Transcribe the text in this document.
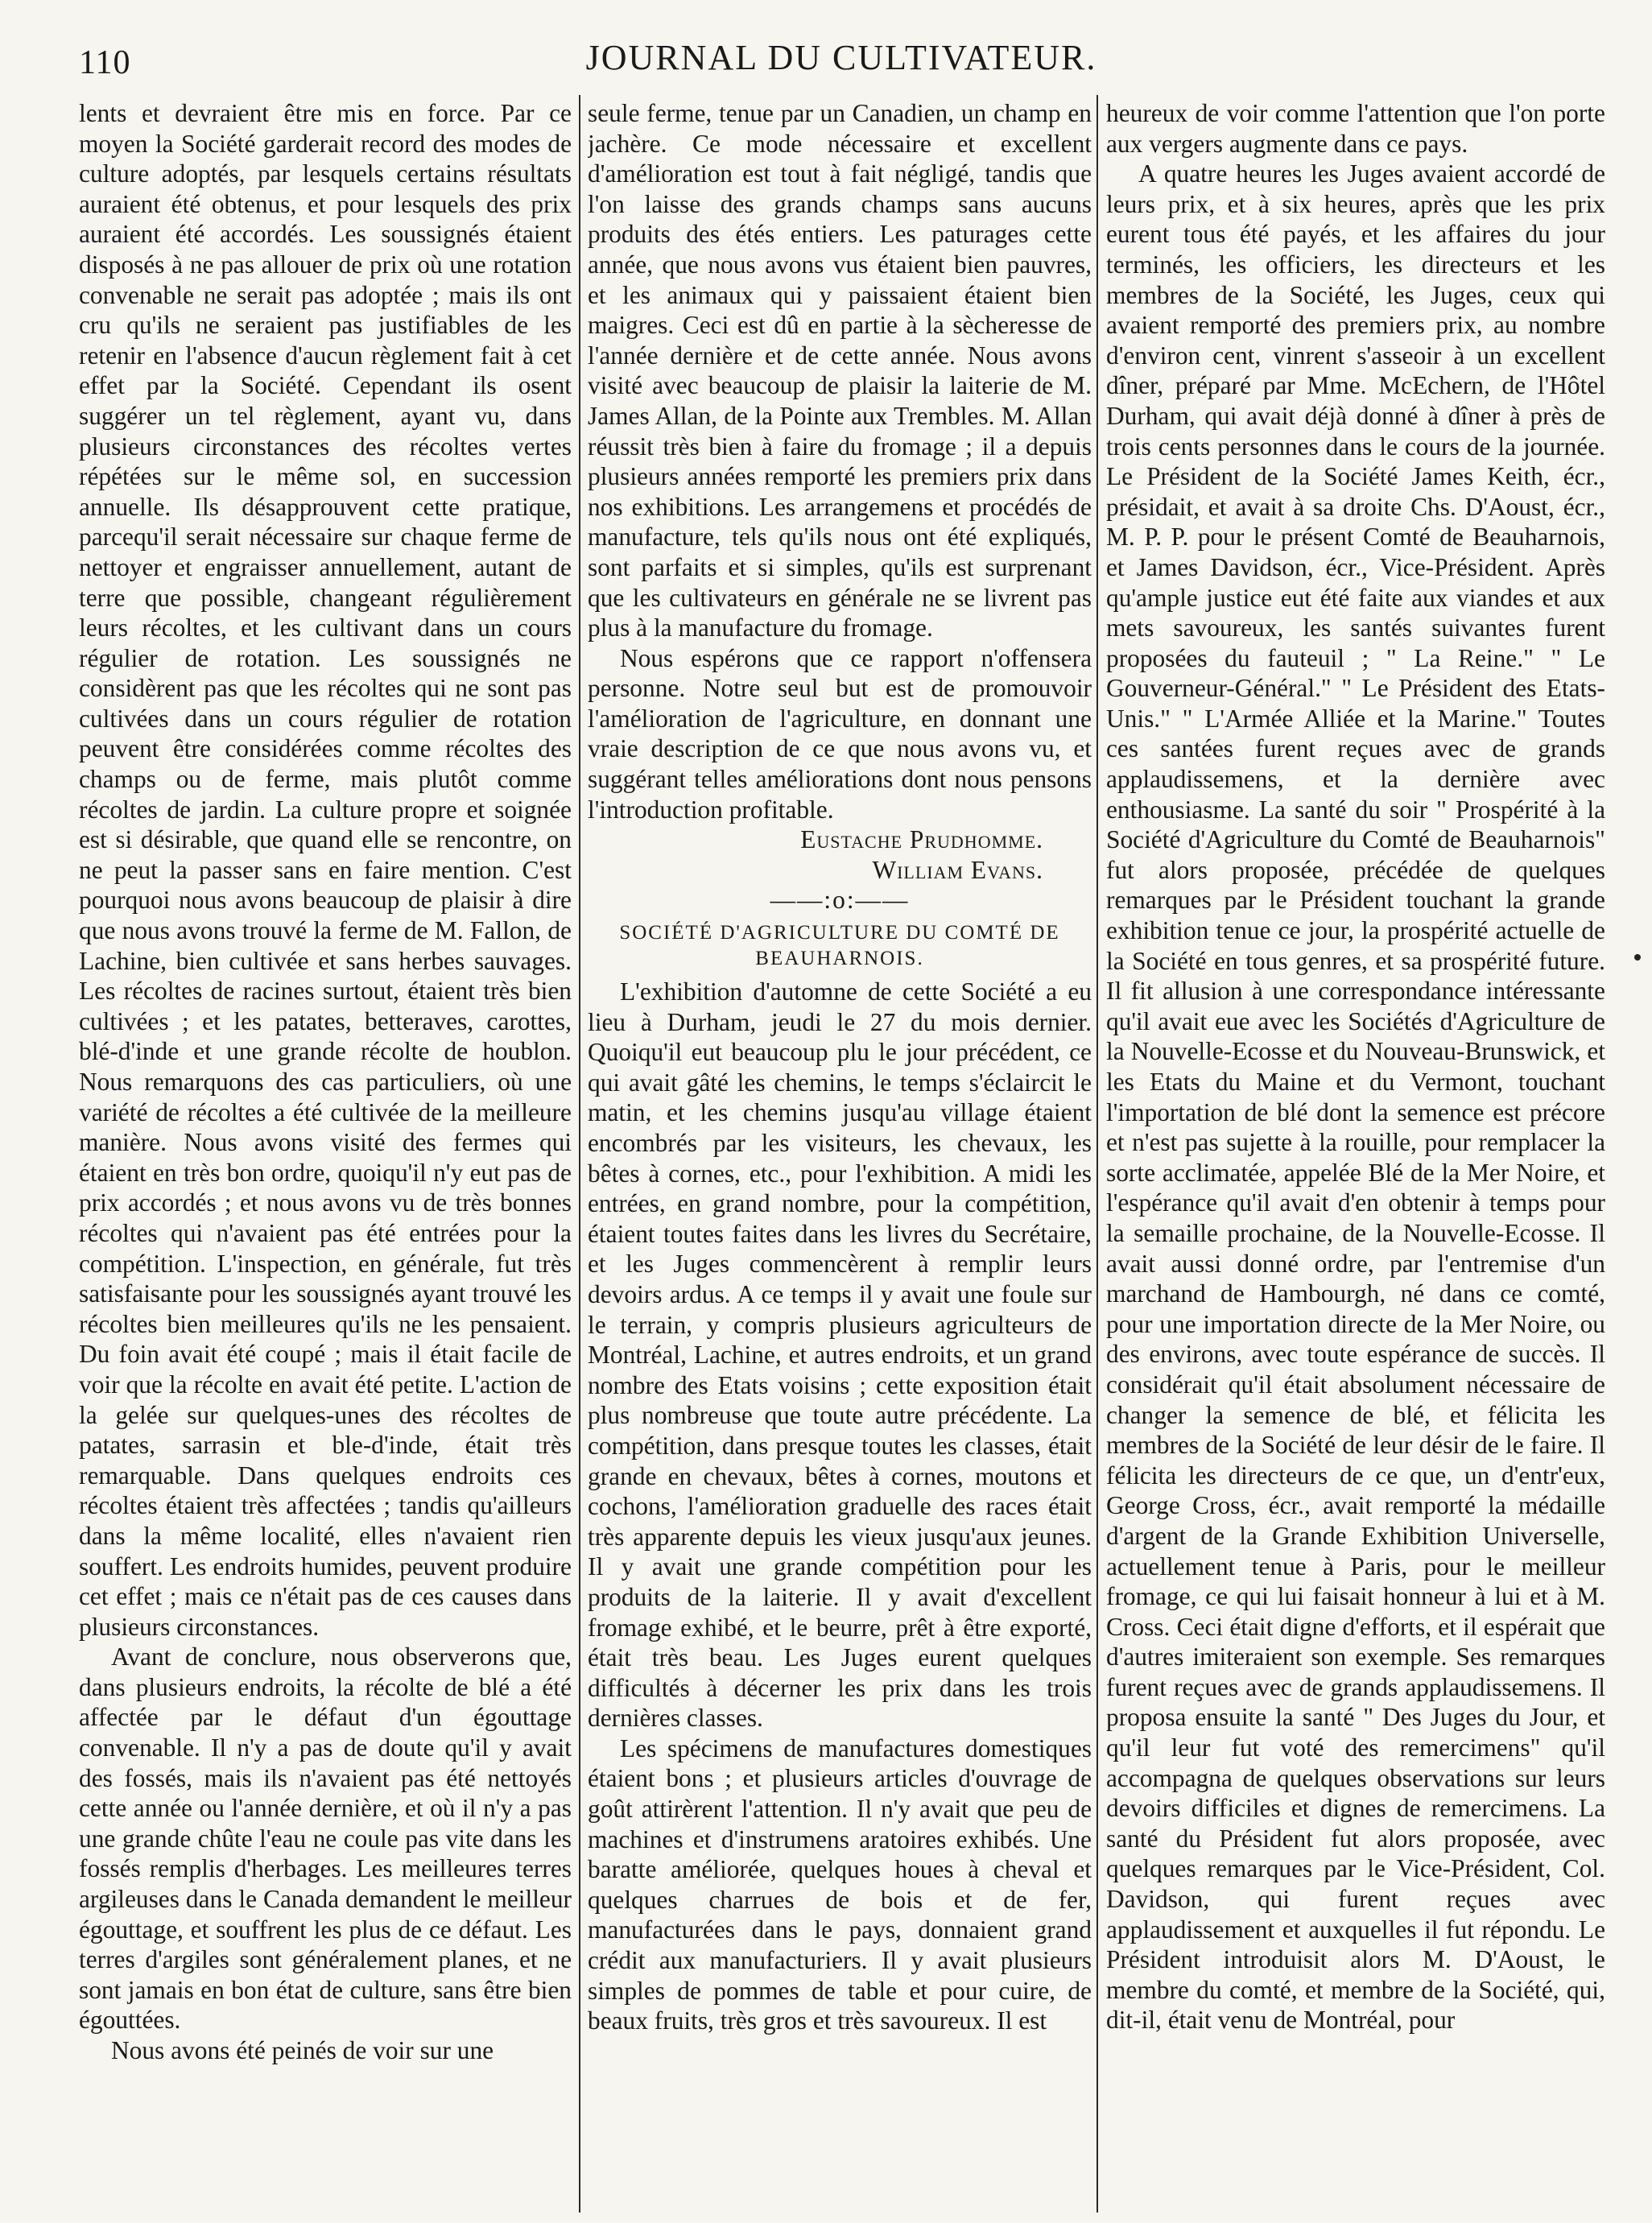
110	JOURNAL DU CULTIVATEUR.

lents et devraient être mis en force. Par ce moyen la Société garderait record des modes de culture adoptés, par lesquels certains résultats auraient été obtenus, et pour lesquels des prix auraient été accordés. Les soussignés étaient disposés à ne pas allouer de prix où une rotation convenable ne serait pas adoptée ; mais ils ont cru qu'ils ne seraient pas justifiables de les retenir en l'absence d'aucun règlement fait à cet effet par la Société. Cependant ils osent suggérer un tel règlement, ayant vu, dans plusieurs circonstances des récoltes vertes répétées sur le même sol, en succession annuelle. Ils désapprouvent cette pratique, parcequ'il serait nécessaire sur chaque ferme de nettoyer et engraisser annuellement, autant de terre que possible, changeant régulièrement leurs récoltes, et les cultivant dans un cours régulier de rotation. Les soussignés ne considèrent pas que les récoltes qui ne sont pas cultivées dans un cours régulier de rotation peuvent être considérées comme récoltes des champs ou de ferme, mais plutôt comme récoltes de jardin. La culture propre et soignée est si désirable, que quand elle se rencontre, on ne peut la passer sans en faire mention. C'est pourquoi nous avons beaucoup de plaisir à dire que nous avons trouvé la ferme de M. Fallon, de Lachine, bien cultivée et sans herbes sauvages. Les récoltes de racines surtout, étaient très bien cultivées ; et les patates, betteraves, carottes, blé-d'inde et une grande récolte de houblon. Nous remarquons des cas particuliers, où une variété de récoltes a été cultivée de la meilleure manière. Nous avons visité des fermes qui étaient en très bon ordre, quoiqu'il n'y eut pas de prix accordés ; et nous avons vu de très bonnes récoltes qui n'avaient pas été entrées pour la compétition. L'inspection, en générale, fut très satisfaisante pour les soussignés ayant trouvé les récoltes bien meilleures qu'ils ne les pensaient. Du foin avait été coupé ; mais il était facile de voir que la récolte en avait été petite. L'action de la gelée sur quelques-unes des récoltes de patates, sarrasin et ble-d'inde, était très remarquable. Dans quelques endroits ces récoltes étaient très affectées ; tandis qu'ailleurs dans la même localité, elles n'avaient rien souffert. Les endroits humides, peuvent produire cet effet ; mais ce n'était pas de ces causes dans plusieurs circonstances.

Avant de conclure, nous observerons que, dans plusieurs endroits, la récolte de blé a été affectée par le défaut d'un égouttage convenable. Il n'y a pas de doute qu'il y avait des fossés, mais ils n'avaient pas été nettoyés cette année ou l'année dernière, et où il n'y a pas une grande chûte l'eau ne coule pas vite dans les fossés remplis d'herbages. Les meilleures terres argileuses dans le Canada demandent le meilleur égouttage, et souffrent les plus de ce défaut. Les terres d'argiles sont généralement planes, et ne sont jamais en bon état de culture, sans être bien égouttées.

Nous avons été peinés de voir sur une

seule ferme, tenue par un Canadien, un champ en jachère. Ce mode nécessaire et excellent d'amélioration est tout à fait négligé, tandis que l'on laisse des grands champs sans aucuns produits des étés entiers. Les paturages cette année, que nous avons vus étaient bien pauvres, et les animaux qui y paissaient étaient bien maigres. Ceci est dû en partie à la sècheresse de l'année dernière et de cette année. Nous avons visité avec beaucoup de plaisir la laiterie de M. James Allan, de la Pointe aux Trembles. M. Allan réussit très bien à faire du fromage ; il a depuis plusieurs années remporté les premiers prix dans nos exhibitions. Les arrangemens et procédés de manufacture, tels qu'ils nous ont été expliqués, sont parfaits et si simples, qu'ils est surprenant que les cultivateurs en générale ne se livrent pas plus à la manufacture du fromage.

Nous espérons que ce rapport n'offensera personne. Notre seul but est de promouvoir l'amélioration de l'agriculture, en donnant une vraie description de ce que nous avons vu, et suggérant telles améliorations dont nous pensons l'introduction profitable.

Eustache Prudhomme.

William Evans.

——:o:——

SOCIÉTÉ D'AGRICULTURE DU COMTÉ DE BEAUHARNOIS.

L'exhibition d'automne de cette Société a eu lieu à Durham, jeudi le 27 du mois dernier. Quoiqu'il eut beaucoup plu le jour précédent, ce qui avait gâté les chemins, le temps s'éclaircit le matin, et les chemins jusqu'au village étaient encombrés par les visiteurs, les chevaux, les bêtes à cornes, etc., pour l'exhibition. A midi les entrées, en grand nombre, pour la compétition, étaient toutes faites dans les livres du Secrétaire, et les Juges commencèrent à remplir leurs devoirs ardus. A ce temps il y avait une foule sur le terrain, y compris plusieurs agriculteurs de Montréal, Lachine, et autres endroits, et un grand nombre des Etats voisins ; cette exposition était plus nombreuse que toute autre précédente. La compétition, dans presque toutes les classes, était grande en chevaux, bêtes à cornes, moutons et cochons, l'amélioration graduelle des races était très apparente depuis les vieux jusqu'aux jeunes. Il y avait une grande compétition pour les produits de la laiterie. Il y avait d'excellent fromage exhibé, et le beurre, prêt à être exporté, était très beau. Les Juges eurent quelques difficultés à décerner les prix dans les trois dernières classes.

Les spécimens de manufactures domestiques étaient bons ; et plusieurs articles d'ouvrage de goût attirèrent l'attention. Il n'y avait que peu de machines et d'instrumens aratoires exhibés. Une baratte améliorée, quelques houes à cheval et quelques charrues de bois et de fer, manufacturées dans le pays, donnaient grand crédit aux manufacturiers. Il y avait plusieurs simples de pommes de table et pour cuire, de beaux fruits, très gros et très savoureux. Il est

heureux de voir comme l'attention que l'on porte aux vergers augmente dans ce pays.

A quatre heures les Juges avaient accordé de leurs prix, et à six heures, après que les prix eurent tous été payés, et les affaires du jour terminés, les officiers, les directeurs et les membres de la Société, les Juges, ceux qui avaient remporté des premiers prix, au nombre d'environ cent, vinrent s'asseoir à un excellent dîner, préparé par Mme. McEchern, de l'Hôtel Durham, qui avait déjà donné à dîner à près de trois cents personnes dans le cours de la journée. Le Président de la Société James Keith, écr., présidait, et avait à sa droite Chs. D'Aoust, écr., M. P. P. pour le présent Comté de Beauharnois, et James Davidson, écr., Vice-Président. Après qu'ample justice eut été faite aux viandes et aux mets savoureux, les santés suivantes furent proposées du fauteuil ; " La Reine." " Le Gouverneur-Général." " Le Président des Etats-Unis." " L'Armée Alliée et la Marine." Toutes ces santées furent reçues avec de grands applaudissemens, et la dernière avec enthousiasme. La santé du soir " Prospérité à la Société d'Agriculture du Comté de Beauharnois" fut alors proposée, précédée de quelques remarques par le Président touchant la grande exhibition tenue ce jour, la prospérité actuelle de la Société en tous genres, et sa prospérité future. Il fit allusion à une correspondance intéressante qu'il avait eue avec les Sociétés d'Agriculture de la Nouvelle-Ecosse et du Nouveau-Brunswick, et les Etats du Maine et du Vermont, touchant l'importation de blé dont la semence est précore et n'est pas sujette à la rouille, pour remplacer la sorte acclimatée, appelée Blé de la Mer Noire, et l'espérance qu'il avait d'en obtenir à temps pour la semaille prochaine, de la Nouvelle-Ecosse. Il avait aussi donné ordre, par l'entremise d'un marchand de Hambourgh, né dans ce comté, pour une importation directe de la Mer Noire, ou des environs, avec toute espérance de succès. Il considérait qu'il était absolument nécessaire de changer la semence de blé, et félicita les membres de la Société de leur désir de le faire. Il félicita les directeurs de ce que, un d'entr'eux, George Cross, écr., avait remporté la médaille d'argent de la Grande Exhibition Universelle, actuellement tenue à Paris, pour le meilleur fromage, ce qui lui faisait honneur à lui et à M. Cross. Ceci était digne d'efforts, et il espérait que d'autres imiteraient son exemple. Ses remarques furent reçues avec de grands applaudissemens. Il proposa ensuite la santé " Des Juges du Jour, et qu'il leur fut voté des remercimens" qu'il accompagna de quelques observations sur leurs devoirs difficiles et dignes de remercimens. La santé du Président fut alors proposée, avec quelques remarques par le Vice-Président, Col. Davidson, qui furent reçues avec applaudissement et auxquelles il fut répondu. Le Président introduisit alors M. D'Aoust, le membre du comté, et membre de la Société, qui, dit-il, était venu de Montréal, pour
